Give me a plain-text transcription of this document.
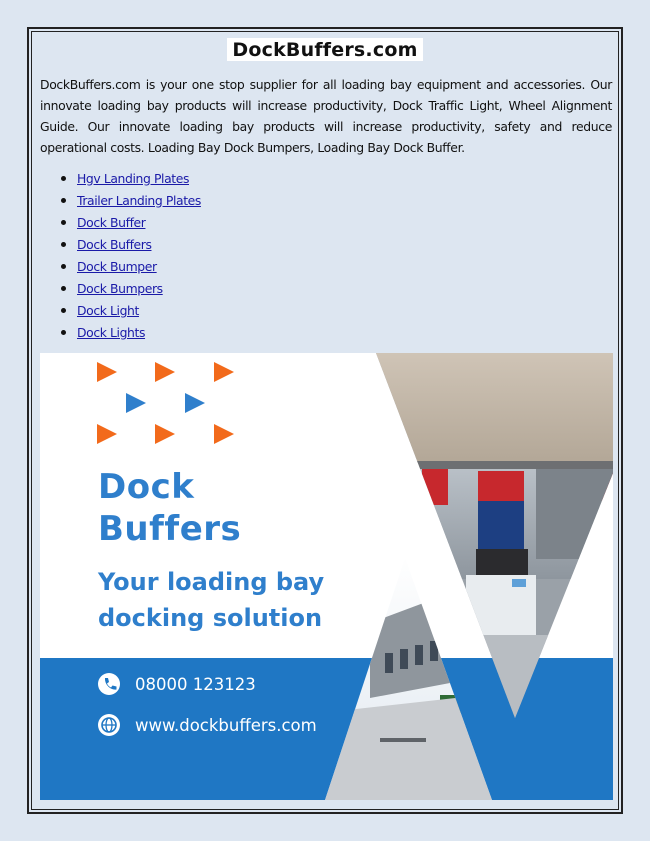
DockBuffers.com

DockBuffers.com is your one stop supplier for all loading bay equipment and accessories. Our innovate loading bay products will increase productivity, Dock Traffic Light, Wheel Alignment Guide. Our innovate loading bay products will increase productivity, safety and reduce operational costs. Loading Bay Dock Bumpers, Loading Bay Dock Buffer.

Hgv Landing Plates
Trailer Landing Plates
Dock Buffer
Dock Buffers
Dock Bumper
Dock Bumpers
Dock Light
Dock Lights
Dock
Buffers
Your loading bay
docking solution
08000 123123
www.dockbuffers.com
